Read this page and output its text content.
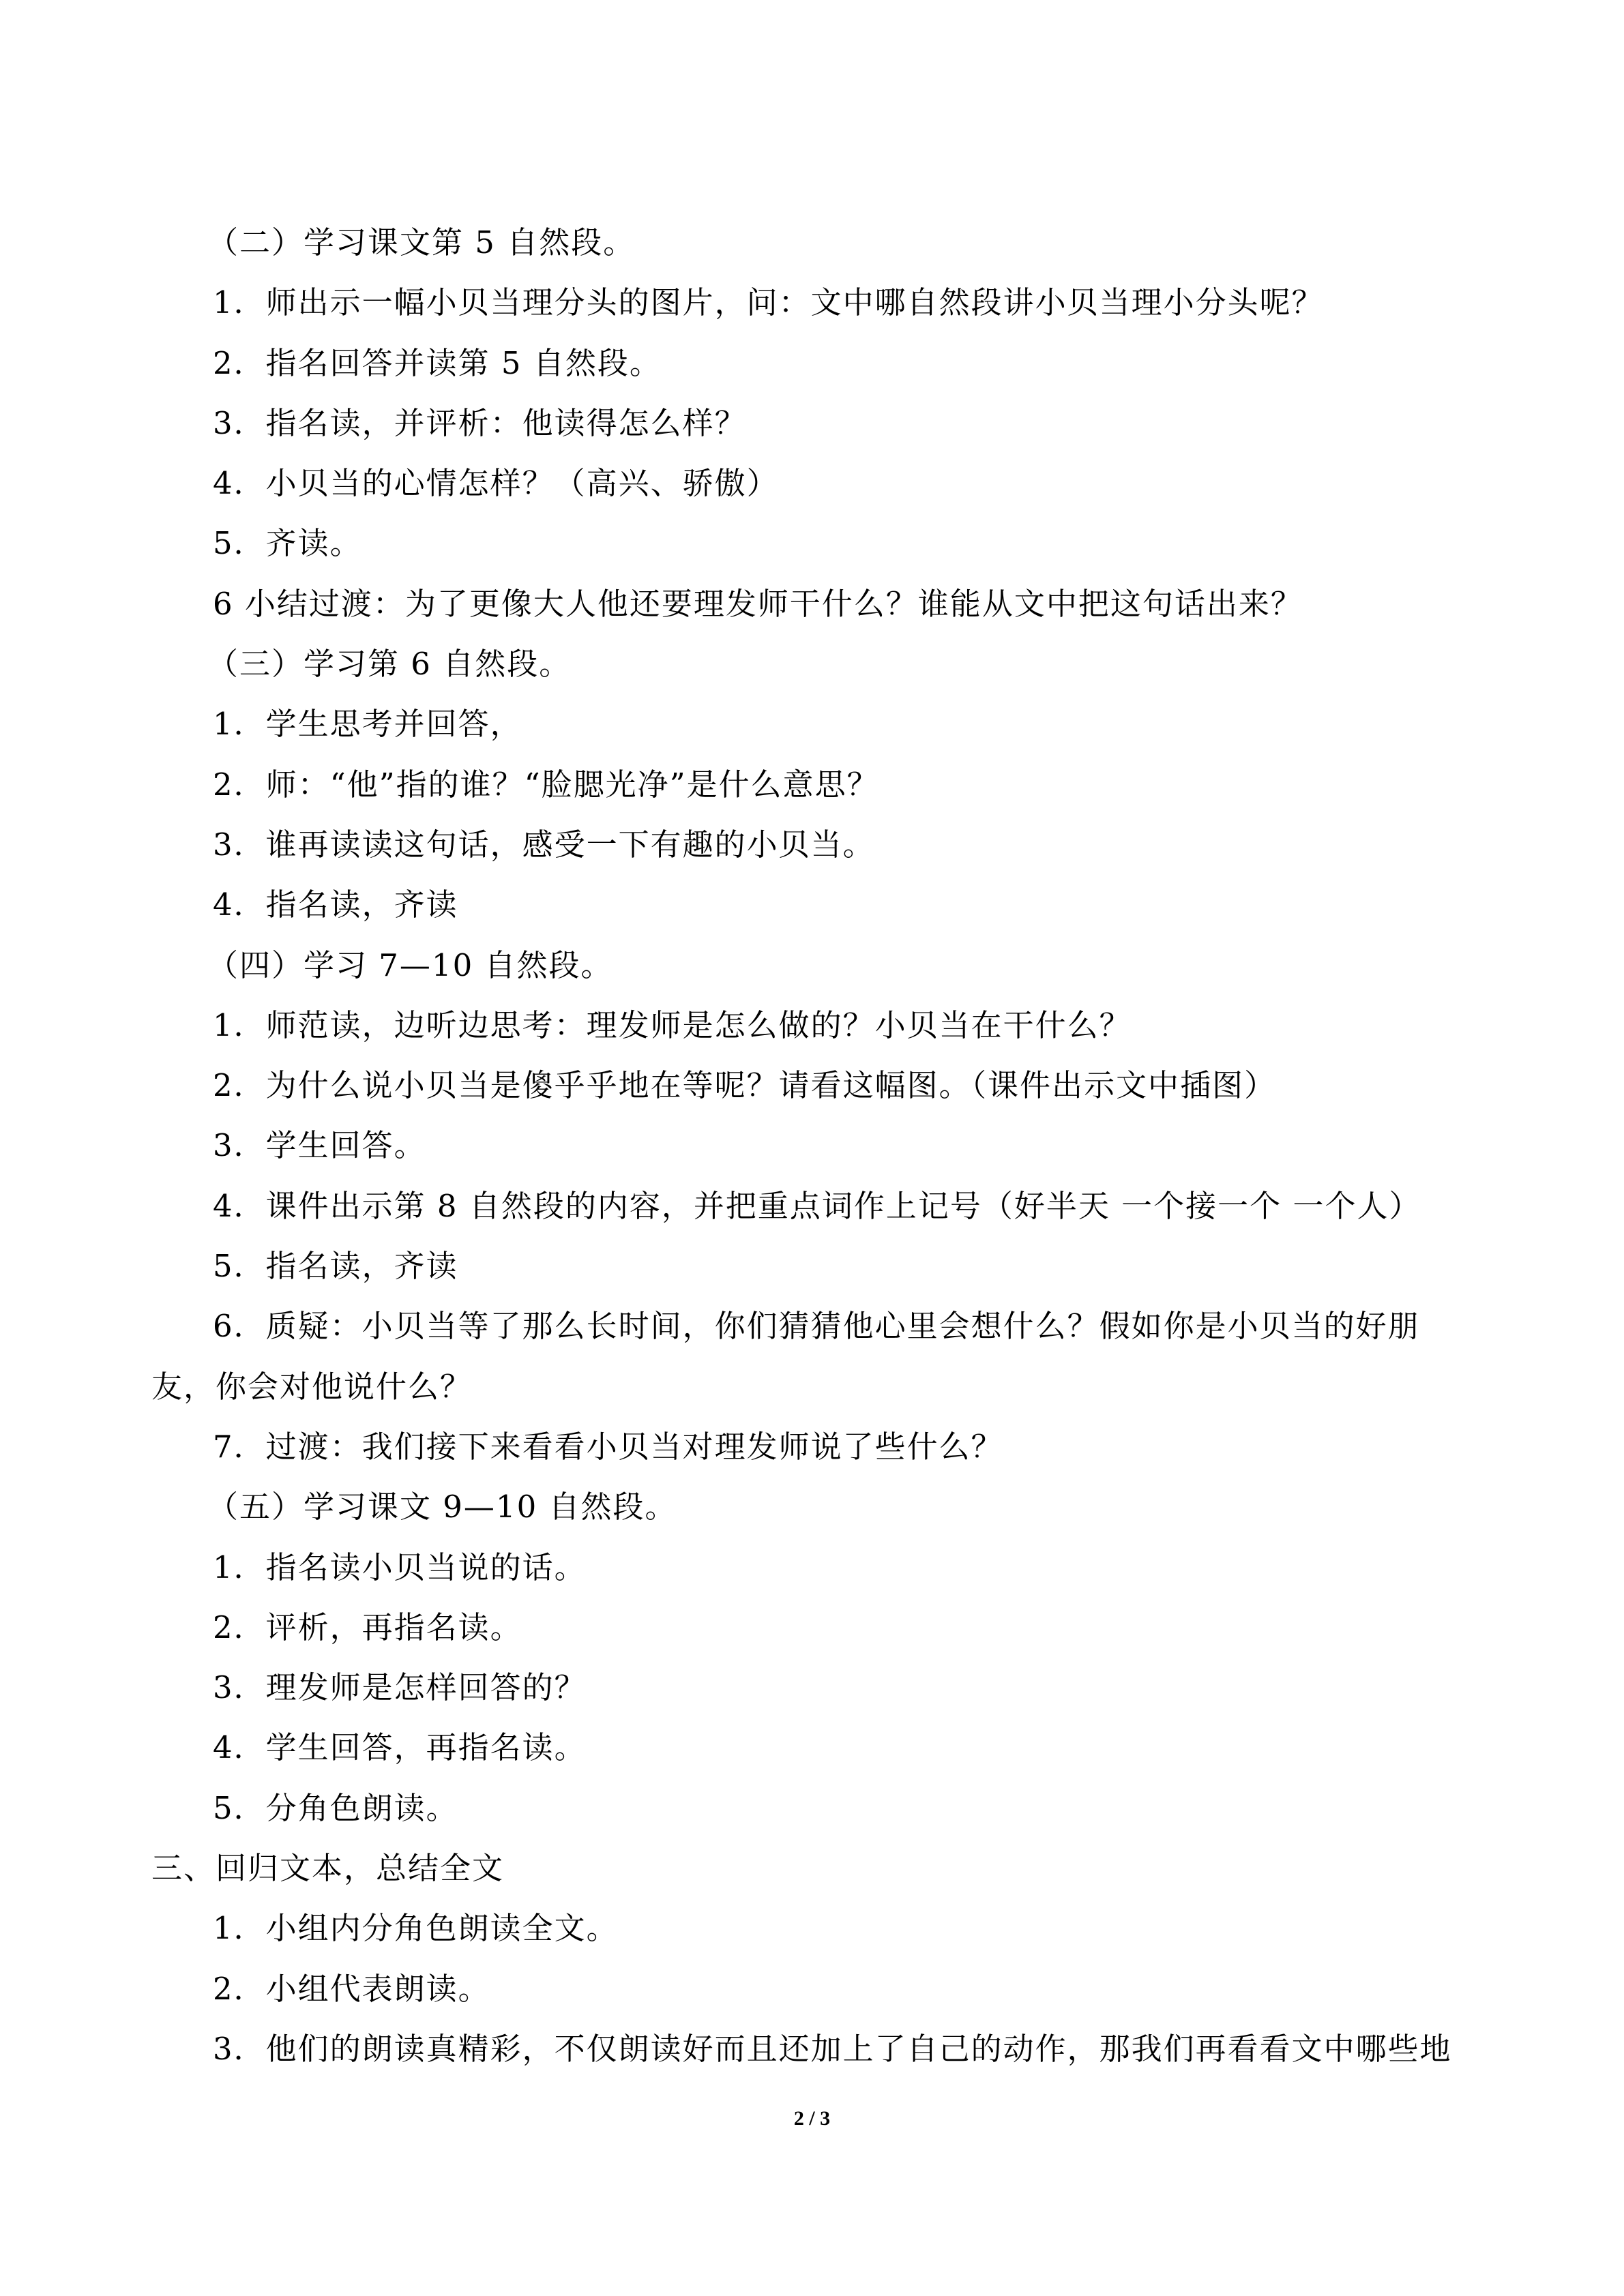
（二）学习课文第 5 自然段。
1．师出示一幅小贝当理分头的图片，问：文中哪自然段讲小贝当理小分头呢？
2．指名回答并读第 5 自然段。
3．指名读，并评析：他读得怎么样？
4．小贝当的心情怎样？（高兴、骄傲）
5．齐读。
6 小结过渡：为了更像大人他还要理发师干什么？谁能从文中把这句话出来？
（三）学习第 6 自然段。
1．学生思考并回答，
2．师：“他”指的谁？“脸腮光净”是什么意思？
3．谁再读读这句话，感受一下有趣的小贝当。
4．指名读，齐读
（四）学习 7—10 自然段。
1．师范读，边听边思考：理发师是怎么做的？小贝当在干什么？
2．为什么说小贝当是傻乎乎地在等呢？请看这幅图。（课件出示文中插图）
3．学生回答。
4．课件出示第 8 自然段的内容，并把重点词作上记号（好半天 一个接一个 一个人）
5．指名读，齐读
6．质疑：小贝当等了那么长时间，你们猜猜他心里会想什么？假如你是小贝当的好朋
友，你会对他说什么？
7．过渡：我们接下来看看小贝当对理发师说了些什么？
（五）学习课文 9—10 自然段。
1．指名读小贝当说的话。
2．评析，再指名读。
3．理发师是怎样回答的？
4．学生回答，再指名读。
5．分角色朗读。
三、回归文本，总结全文
1．小组内分角色朗读全文。
2．小组代表朗读。
3．他们的朗读真精彩，不仅朗读好而且还加上了自己的动作，那我们再看看文中哪些地
2 / 3
